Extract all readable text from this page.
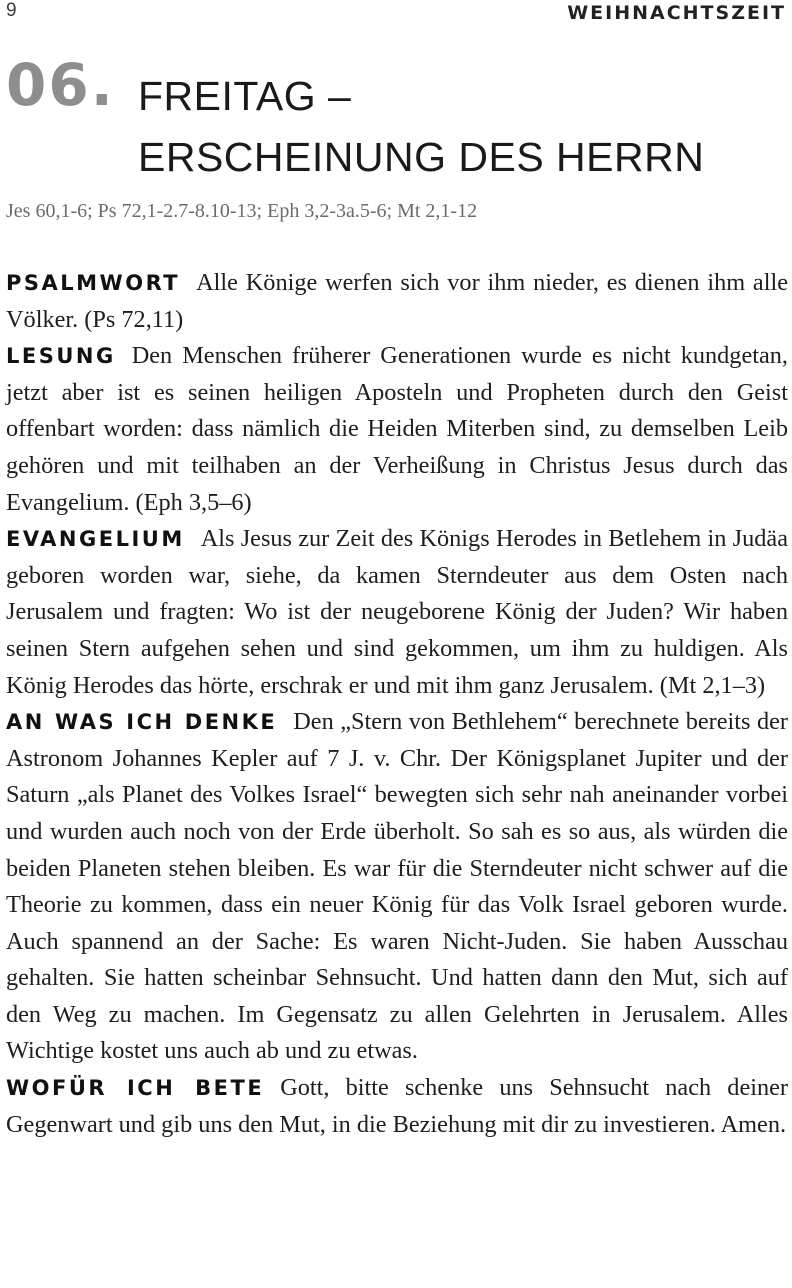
9	WEIHNACHTSZEIT
06. FREITAG –
ERSCHEINUNG DES HERRN
Jes 60,1-6; Ps 72,1-2.7-8.10-13; Eph 3,2-3a.5-6; Mt 2,1-12

PSALMWORT Alle Könige werfen sich vor ihm nieder, es dienen ihm alle Völker. (Ps 72,11)

LESUNG Den Menschen früherer Generationen wurde es nicht kundgetan, jetzt aber ist es seinen heiligen Aposteln und Propheten durch den Geist offenbart worden: dass nämlich die Heiden Miterben sind, zu demselben Leib gehören und mit teilhaben an der Verheißung in Christus Jesus durch das Evangelium. (Eph 3,5–6)

EVANGELIUM Als Jesus zur Zeit des Königs Herodes in Betlehem in Judäa geboren worden war, siehe, da kamen Sterndeuter aus dem Osten nach Jerusalem und fragten: Wo ist der neugeborene König der Juden? Wir haben seinen Stern aufgehen sehen und sind gekommen, um ihm zu huldigen. Als König Herodes das hörte, erschrak er und mit ihm ganz Jerusalem. (Mt 2,1–3)

AN WAS ICH DENKE Den „Stern von Bethlehem“ berechnete bereits der Astronom Johannes Kepler auf 7 J. v. Chr. Der Königsplanet Jupiter und der Saturn „als Planet des Volkes Israel“ bewegten sich sehr nah aneinander vorbei und wurden auch noch von der Erde überholt. So sah es so aus, als würden die beiden Planeten stehen bleiben. Es war für die Sterndeuter nicht schwer auf die Theorie zu kommen, dass ein neuer König für das Volk Israel geboren wurde. Auch spannend an der Sache: Es waren Nicht-Juden. Sie haben Ausschau gehalten. Sie hatten scheinbar Sehnsucht. Und hatten dann den Mut, sich auf den Weg zu machen. Im Gegensatz zu allen Gelehrten in Jerusalem. Alles Wichtige kostet uns auch ab und zu etwas.

WOFÜR ICH BETE Gott, bitte schenke uns Sehnsucht nach deiner Gegenwart und gib uns den Mut, in die Beziehung mit dir zu investieren. Amen.
